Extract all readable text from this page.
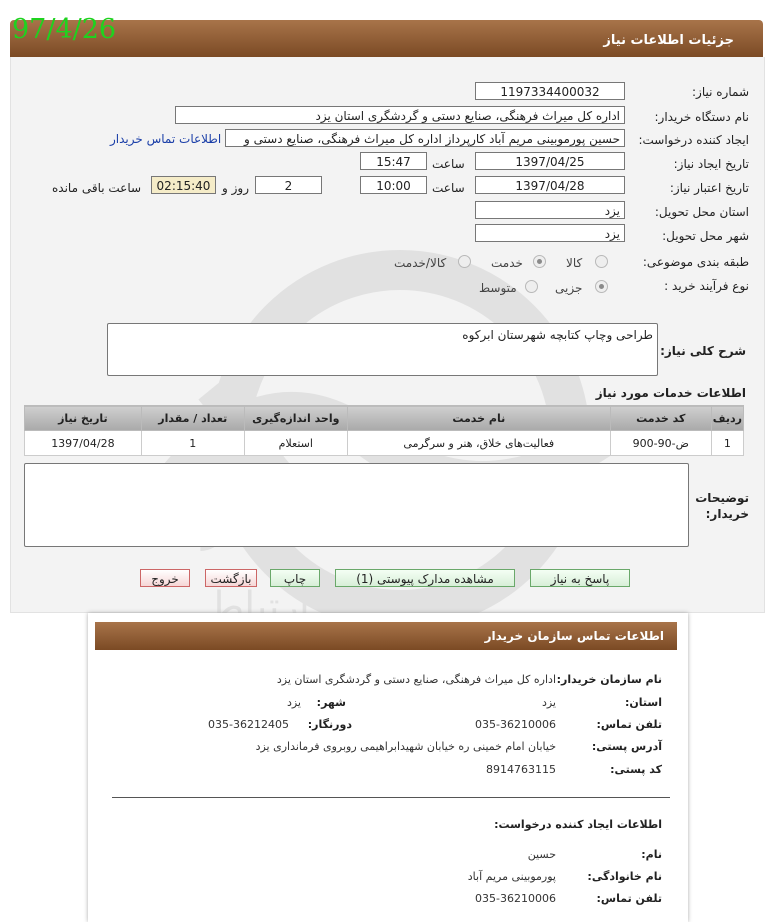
جزئیات اطلاعات نیاز
97/4/26
شماره نیاز:
1197334400032
نام دستگاه خریدار:
اداره کل میراث فرهنگی، صنایع دستی و گردشگری استان یزد
ایجاد کننده درخواست:
حسین پورموبینی مریم آباد کارپرداز اداره کل میراث فرهنگی، صنایع دستی و
اطلاعات تماس خریدار
تاریخ ایجاد نیاز:
1397/04/25
ساعت
15:47
تاریخ اعتبار نیاز:
1397/04/28
ساعت
10:00
2
روز و
02:15:40
ساعت باقی مانده
استان محل تحویل:
یزد
شهر محل تحویل:
یزد
طبقه بندی موضوعی:
کالا
خدمت
کالا/خدمت
نوع فرآیند خرید :
جزیی
متوسط
شرح کلی نیاز:
طراحی وچاپ کتابچه شهرستان ابرکوه
اطلاعات خدمات مورد نیاز
ردیف	کد خدمت	نام خدمت	واحد اندازه‌گیری	تعداد / مقدار	تاریخ نیاز
1	ض-90-900	فعالیت‌های خلاق، هنر و سرگرمی	استعلام	1	1397/04/28
توضیحات خریدار:
پاسخ به نیاز
مشاهده مدارک پیوستی (1)
چاپ
بازگشت
خروج
اطلاعات تماس سازمان خریدار
نام سازمان خریدار:
اداره کل میراث فرهنگی، صنایع دستی و گردشگری استان یزد
استان:
یزد
شهر:
یزد
تلفن تماس:
035-36210006
دورنگار:
035-36212405
آدرس پستی:
خیابان امام خمینی ره خیابان شهیدابراهیمی روبروی فرمانداری یزد
کد پستی:
8914763115
اطلاعات ایجاد کننده درخواست:
نام:
حسین
نام خانوادگی:
پورموبینی مریم آباد
تلفن تماس:
035-36210006
